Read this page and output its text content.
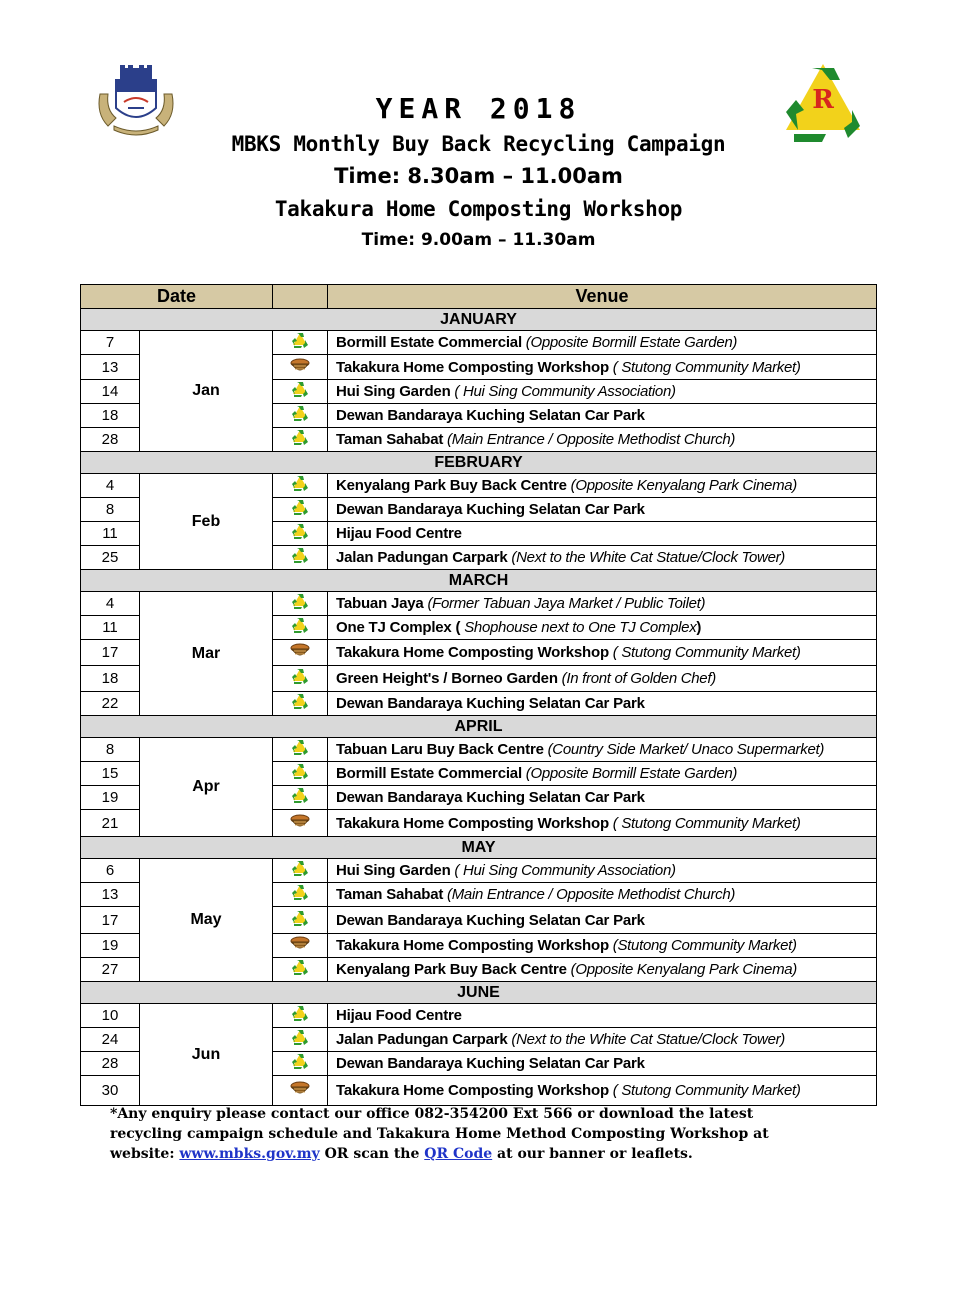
R
YEAR 2018
MBKS Monthly Buy Back Recycling Campaign
Time: 8.30am – 11.00am
Takakura Home Composting Workshop
Time: 9.00am – 11.30am
Date			Venue
JANUARY			
7	Jan		Bormill Estate Commercial (Opposite Bormill Estate Garden)
13			Takakura Home Composting Workshop ( Stutong Community Market)
14			Hui Sing Garden ( Hui Sing Community Association)
18			Dewan Bandaraya Kuching Selatan Car Park
28			Taman Sahabat (Main Entrance / Opposite Methodist Church)
FEBRUARY			
4	Feb		Kenyalang Park Buy Back Centre (Opposite Kenyalang Park Cinema)
8			Dewan Bandaraya Kuching Selatan Car Park
11			Hijau Food Centre
25			Jalan Padungan Carpark (Next to the White Cat Statue/Clock Tower)
MARCH			
4	Mar		Tabuan Jaya (Former Tabuan Jaya Market / Public Toilet)
11			One TJ Complex ( Shophouse next to One TJ Complex)
17			Takakura Home Composting Workshop ( Stutong Community Market)
18			Green Height's / Borneo Garden (In front of Golden Chef)
22			Dewan Bandaraya Kuching Selatan Car Park
APRIL			
8	Apr		Tabuan Laru Buy Back Centre (Country Side Market/ Unaco Supermarket)
15			Bormill Estate Commercial (Opposite Bormill Estate Garden)
19			Dewan Bandaraya Kuching Selatan Car Park
21			Takakura Home Composting Workshop ( Stutong Community Market)
MAY			
6	May		Hui Sing Garden ( Hui Sing Community Association)
13			Taman Sahabat (Main Entrance / Opposite Methodist Church)
17			Dewan Bandaraya Kuching Selatan Car Park
19			Takakura Home Composting Workshop (Stutong Community Market)
27			Kenyalang Park Buy Back Centre (Opposite Kenyalang Park Cinema)
JUNE			
10	Jun		Hijau Food Centre
24			Jalan Padungan Carpark (Next to the White Cat Statue/Clock Tower)
28			Dewan Bandaraya Kuching Selatan Car Park
30			Takakura Home Composting Workshop ( Stutong Community Market)
*Any enquiry please contact our office 082-354200 Ext 566 or download the latest recycling campaign schedule and Takakura Home Method Composting Workshop at website: www.mbks.gov.my OR scan the QR Code at our banner or leaflets.
